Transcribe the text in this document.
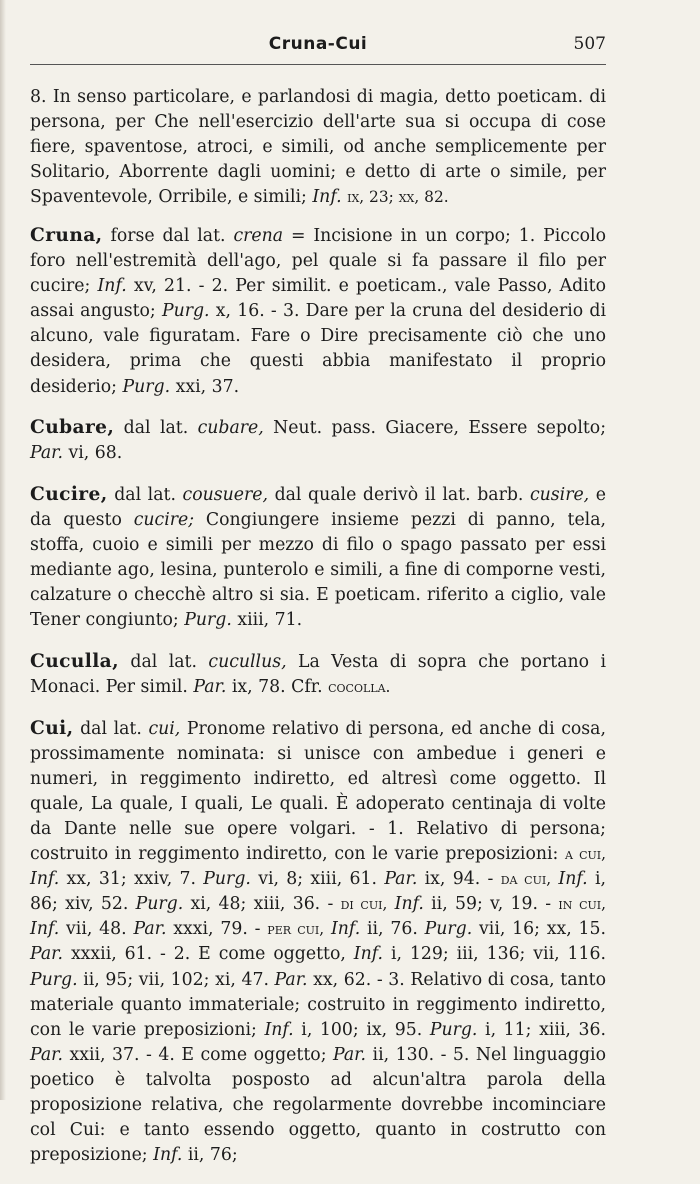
Cruna-Cui	507

8. In senso particolare, e parlandosi di magia, detto poeticam. di persona, per Che nell'esercizio dell'arte sua si occupa di cose fiere, spaventose, atroci, e simili, od anche semplicemente per Solitario, Aborrente dagli uomini; e detto di arte o simile, per Spaventevole, Orribile, e simili; Inf. ix, 23; xx, 82.

Cruna, forse dal lat. crena = Incisione in un corpo; 1. Piccolo foro nell'estremità dell'ago, pel quale si fa passare il filo per cucire; Inf. xv, 21. - 2. Per similit. e poeticam., vale Passo, Adito assai angusto; Purg. x, 16. - 3. Dare per la cruna del desiderio di alcuno, vale figuratam. Fare o Dire precisamente ciò che uno desidera, prima che questi abbia manifestato il proprio desiderio; Purg. xxi, 37.

Cubare, dal lat. cubare, Neut. pass. Giacere, Essere sepolto; Par. vi, 68.

Cucire, dal lat. cousuere, dal quale derivò il lat. barb. cusire, e da questo cucire; Congiungere insieme pezzi di panno, tela, stoffa, cuoio e simili per mezzo di filo o spago passato per essi mediante ago, lesina, punterolo e simili, a fine di comporne vesti, calzature o checchè altro si sia. E poeticam. riferito a ciglio, vale Tener congiunto; Purg. xiii, 71.

Cuculla, dal lat. cucullus, La Vesta di sopra che portano i Monaci. Per simil. Par. ix, 78. Cfr. cocolla.

Cui, dal lat. cui, Pronome relativo di persona, ed anche di cosa, prossimamente nominata: si unisce con ambedue i generi e numeri, in reggimento indiretto, ed altresì come oggetto. Il quale, La quale, I quali, Le quali. È adoperato centinaja di volte da Dante nelle sue opere volgari. - 1. Relativo di persona; costruito in reggimento indiretto, con le varie preposizioni: a cui, Inf. xx, 31; xxiv, 7. Purg. vi, 8; xiii, 61. Par. ix, 94. - da cui, Inf. i, 86; xiv, 52. Purg. xi, 48; xiii, 36. - di cui, Inf. ii, 59; v, 19. - in cui, Inf. vii, 48. Par. xxxi, 79. - per cui, Inf. ii, 76. Purg. vii, 16; xx, 15. Par. xxxii, 61. - 2. E come oggetto, Inf. i, 129; iii, 136; vii, 116. Purg. ii, 95; vii, 102; xi, 47. Par. xx, 62. - 3. Relativo di cosa, tanto materiale quanto immateriale; costruito in reggimento indiretto, con le varie preposizioni; Inf. i, 100; ix, 95. Purg. i, 11; xiii, 36. Par. xxii, 37. - 4. E come oggetto; Par. ii, 130. - 5. Nel linguaggio poetico è talvolta posposto ad alcun'altra parola della proposizione relativa, che regolarmente dovrebbe incominciare col Cui: e tanto essendo oggetto, quanto in costrutto con preposizione; Inf. ii, 76;
